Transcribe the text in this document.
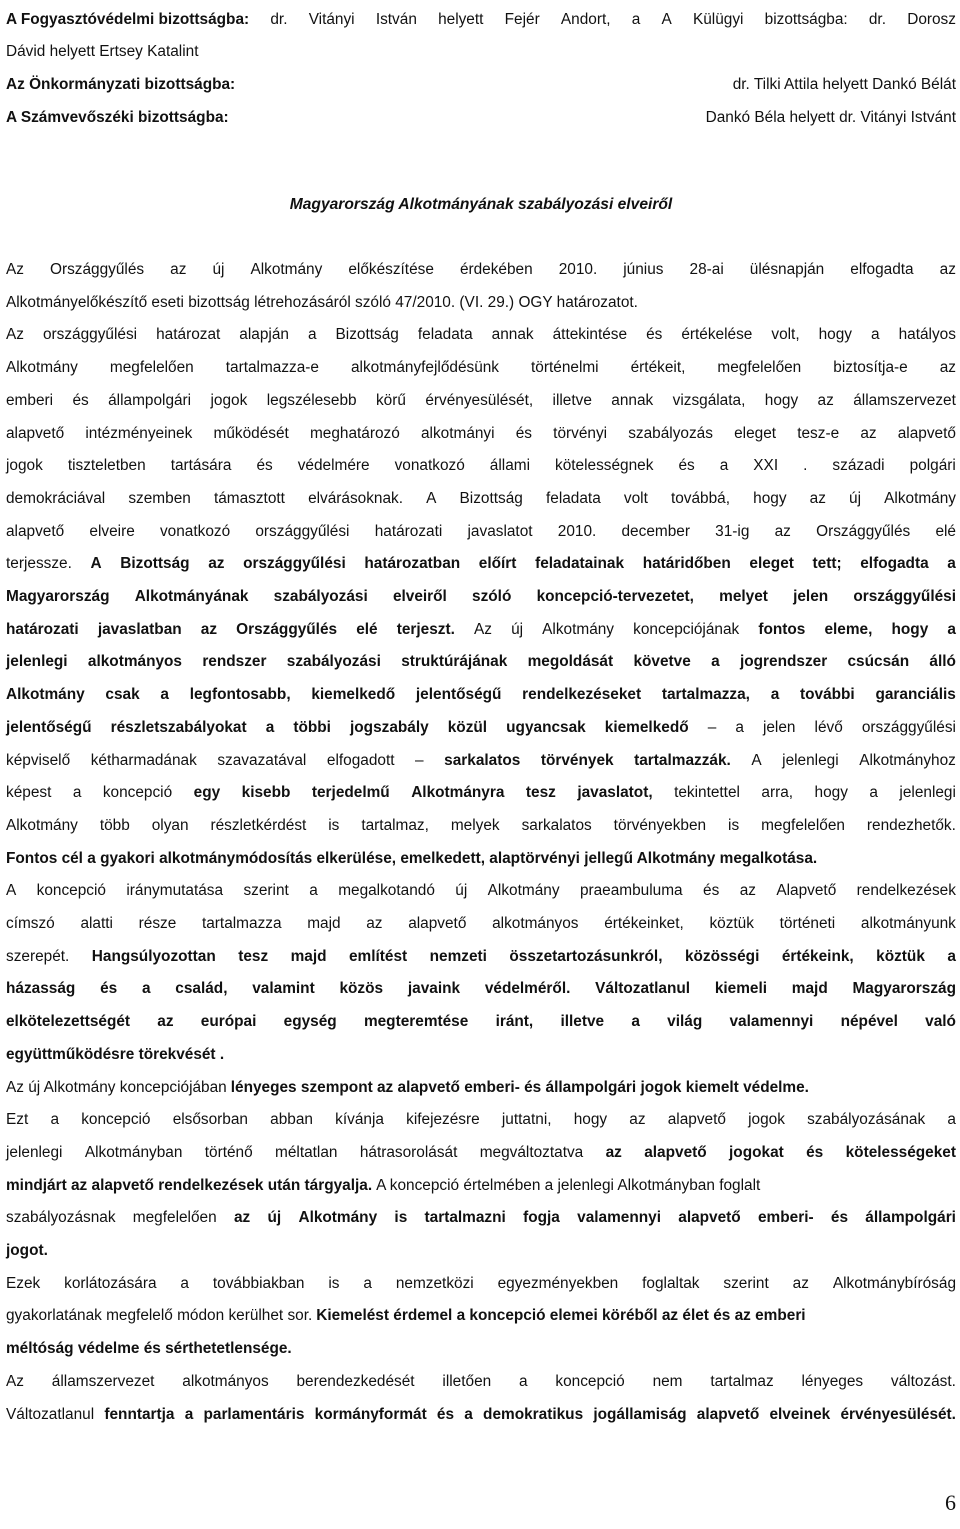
A Fogyasztóvédelmi bizottságba: dr. Vitányi István helyett Fejér Andort, a A Külügyi bizottságba: dr. Dorosz
Dávid helyett Ertsey Katalint
Az Önkormányzati bizottságba:	dr. Tilki Attila helyett Dankó Bélát
A Számvevőszéki bizottságba:	Dankó Béla helyett dr. Vitányi Istvánt
Magyarország Alkotmányának szabályozási elveiről
Az Országgyűlés az új Alkotmány előkészítése érdekében 2010. június 28-ai ülésnapján elfogadta az
Alkotmányelőkészítő eseti bizottság létrehozásáról szóló 47/2010. (VI. 29.) OGY határozatot.
Az országgyűlési határozat alapján a Bizottság feladata annak áttekintése és értékelése volt, hogy a hatályos
Alkotmány megfelelően tartalmazza-e alkotmányfejlődésünk történelmi értékeit, megfelelően biztosítja-e az
emberi és állampolgári jogok legszélesebb körű érvényesülését, illetve annak vizsgálata, hogy az államszervezet
alapvető intézményeinek működését meghatározó alkotmányi és törvényi szabályozás eleget tesz-e az alapvető
jogok tiszteletben tartására és védelmére vonatkozó állami kötelességnek és a XXI . századi polgári
demokráciával szemben támasztott elvárásoknak. A Bizottság feladata volt továbbá, hogy az új Alkotmány
alapvető elveire vonatkozó országgyűlési határozati javaslatot 2010. december 31-ig az Országgyűlés elé
terjessze. A Bizottság az országgyűlési határozatban előírt feladatainak határidőben eleget tett; elfogadta a
Magyarország Alkotmányának szabályozási elveiről szóló koncepció-tervezetet, melyet jelen országgyűlési
határozati javaslatban az Országgyűlés elé terjeszt. Az új Alkotmány koncepciójának fontos eleme, hogy a
jelenlegi alkotmányos rendszer szabályozási struktúrájának megoldását követve a jogrendszer csúcsán álló
Alkotmány csak a legfontosabb, kiemelkedő jelentőségű rendelkezéseket tartalmazza, a további garanciális
jelentőségű részletszabályokat a többi jogszabály közül ugyancsak kiemelkedő – a jelen lévő országgyűlési
képviselő kétharmadának szavazatával elfogadott – sarkalatos törvények tartalmazzák. A jelenlegi Alkotmányhoz
képest a koncepció egy kisebb terjedelmű Alkotmányra tesz javaslatot, tekintettel arra, hogy a jelenlegi
Alkotmány több olyan részletkérdést is tartalmaz, melyek sarkalatos törvényekben is megfelelően rendezhetők.
Fontos cél a gyakori alkotmánymódosítás elkerülése, emelkedett, alaptörvényi jellegű Alkotmány megalkotása.
A koncepció iránymutatása szerint a megalkotandó új Alkotmány praeambuluma és az Alapvető rendelkezések
címszó alatti része tartalmazza majd az alapvető alkotmányos értékeinket, köztük történeti alkotmányunk
szerepét. Hangsúlyozottan tesz majd említést nemzeti összetartozásunkról, közösségi értékeink, köztük a
házasság és a család, valamint közös javaink védelméről. Változatlanul kiemeli majd Magyarország
elkötelezettségét az európai egység megteremtése iránt, illetve a világ valamennyi népével való
együttműködésre törekvését .
Az új Alkotmány koncepciójában lényeges szempont az alapvető emberi- és állampolgári jogok kiemelt védelme.
Ezt a koncepció elsősorban abban kívánja kifejezésre juttatni, hogy az alapvető jogok szabályozásának a
jelenlegi Alkotmányban történő méltatlan hátrasorolását megváltoztatva az alapvető jogokat és kötelességeket
mindjárt az alapvető rendelkezések után tárgyalja. A koncepció értelmében a jelenlegi Alkotmányban foglalt
szabályozásnak megfelelően az új Alkotmány is tartalmazni fogja valamennyi alapvető emberi- és állampolgári
jogot.
Ezek korlátozására a továbbiakban is a nemzetközi egyezményekben foglaltak szerint az Alkotmánybíróság
gyakorlatának megfelelő módon kerülhet sor. Kiemelést érdemel a koncepció elemei köréből az élet és az emberi
méltóság védelme és sérthetetlensége.
Az államszervezet alkotmányos berendezkedését illetően a koncepció nem tartalmaz lényeges változást.
Változatlanul fenntartja a parlamentáris kormányformát és a demokratikus jogállamiság alapvető elveinek érvényesülését.
6
